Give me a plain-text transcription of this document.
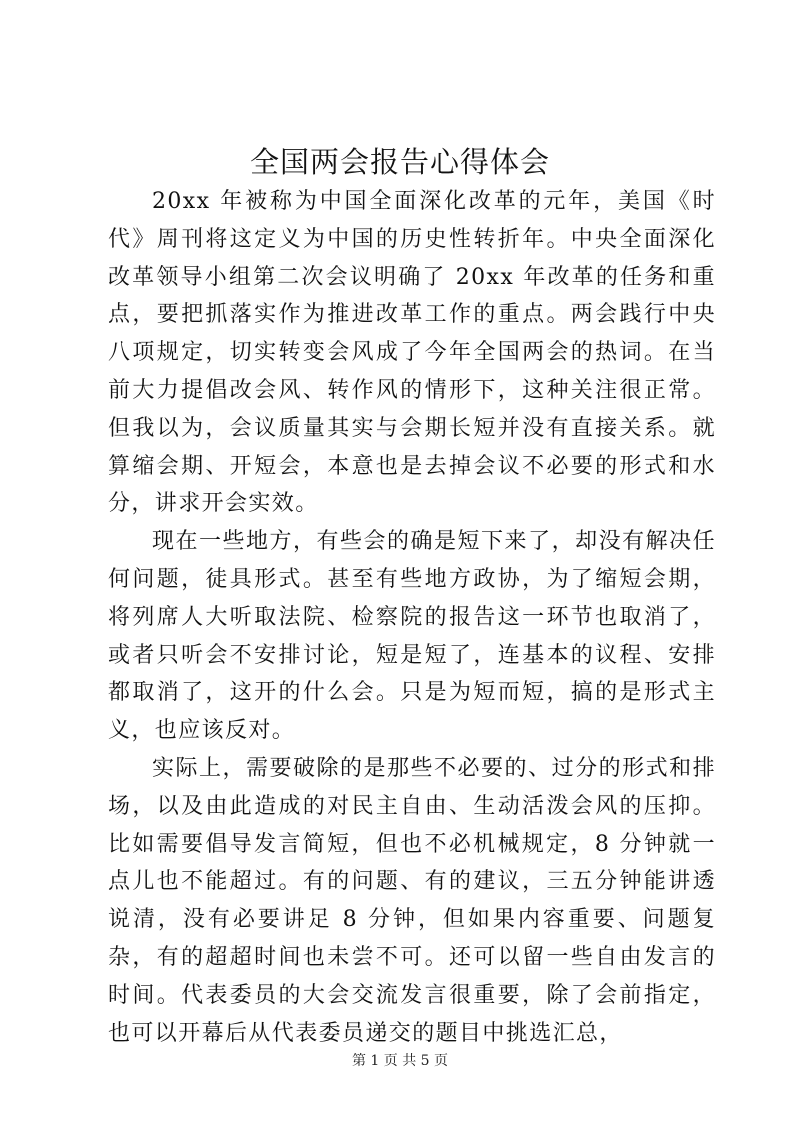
全国两会报告心得体会

20xx 年被称为中国全面深化改革的元年，美国《时代》周刊将这定义为中国的历史性转折年。中央全面深化改革领导小组第二次会议明确了 20xx 年改革的任务和重点，要把抓落实作为推进改革工作的重点。两会践行中央八项规定，切实转变会风成了今年全国两会的热词。在当前大力提倡改会风、转作风的情形下，这种关注很正常。但我以为，会议质量其实与会期长短并没有直接关系。就算缩会期、开短会，本意也是去掉会议不必要的形式和水分，讲求开会实效。

现在一些地方，有些会的确是短下来了，却没有解决任何问题，徒具形式。甚至有些地方政协，为了缩短会期，将列席人大听取法院、检察院的报告这一环节也取消了，或者只听会不安排讨论，短是短了，连基本的议程、安排都取消了，这开的什么会。只是为短而短，搞的是形式主义，也应该反对。

实际上，需要破除的是那些不必要的、过分的形式和排场，以及由此造成的对民主自由、生动活泼会风的压抑。比如需要倡导发言简短，但也不必机械规定，8 分钟就一点儿也不能超过。有的问题、有的建议，三五分钟能讲透说清，没有必要讲足 8 分钟，但如果内容重要、问题复杂，有的超超时间也未尝不可。还可以留一些自由发言的时间。代表委员的大会交流发言很重要，除了会前指定，也可以开幕后从代表委员递交的题目中挑选汇总，

第 1 页 共 5 页
